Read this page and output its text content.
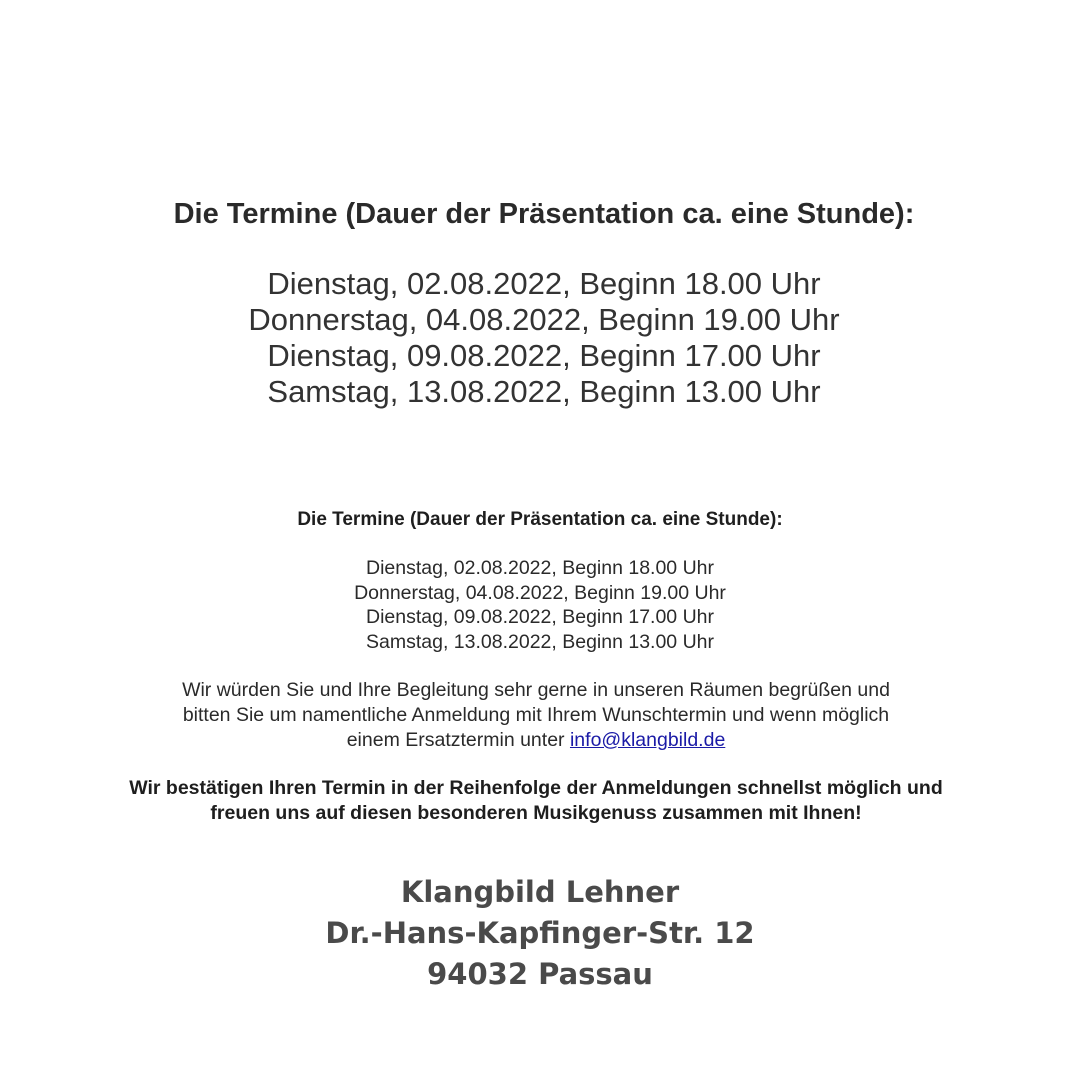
Die Termine (Dauer der Präsentation ca. eine Stunde):
Dienstag, 02.08.2022, Beginn 18.00 Uhr
Donnerstag, 04.08.2022, Beginn 19.00 Uhr
Dienstag, 09.08.2022, Beginn 17.00 Uhr
Samstag, 13.08.2022, Beginn 13.00 Uhr
Die Termine (Dauer der Präsentation ca. eine Stunde):
Dienstag, 02.08.2022, Beginn 18.00 Uhr
Donnerstag, 04.08.2022, Beginn 19.00 Uhr
Dienstag, 09.08.2022, Beginn 17.00 Uhr
Samstag, 13.08.2022, Beginn 13.00 Uhr
Wir würden Sie und Ihre Begleitung sehr gerne in unseren Räumen begrüßen und
bitten Sie um namentliche Anmeldung mit Ihrem Wunschtermin und wenn möglich
einem Ersatztermin unter info@klangbild.de
Wir bestätigen Ihren Termin in der Reihenfolge der Anmeldungen schnellst möglich und
freuen uns auf diesen besonderen Musikgenuss zusammen mit Ihnen!
Klangbild Lehner
Dr.-Hans-Kapfinger-Str. 12
94032 Passau
